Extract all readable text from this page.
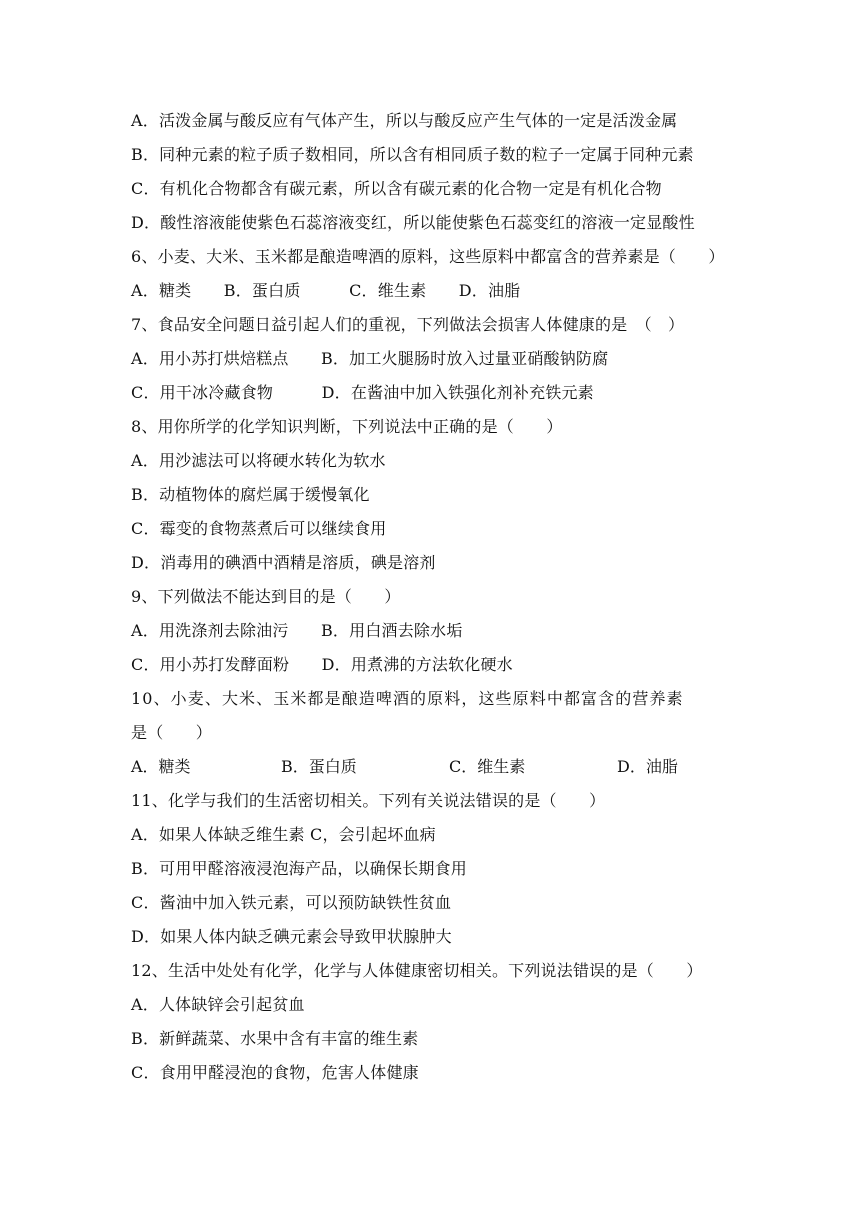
A．活泼金属与酸反应有气体产生，所以与酸反应产生气体的一定是活泼金属
B．同种元素的粒子质子数相同，所以含有相同质子数的粒子一定属于同种元素
C．有机化合物都含有碳元素，所以含有碳元素的化合物一定是有机化合物
D．酸性溶液能使紫色石蕊溶液变红，所以能使紫色石蕊变红的溶液一定显酸性
6、小麦、大米、玉米都是酿造啤酒的原料，这些原料中都富含的营养素是（　　）
A．糖类　　B．蛋白质　　　C．维生素　　D．油脂
7、食品安全问题日益引起人们的重视，下列做法会损害人体健康的是　（　）
A．用小苏打烘焙糕点　　B．加工火腿肠时放入过量亚硝酸钠防腐
C．用干冰冷藏食物　　　D．在酱油中加入铁强化剂补充铁元素
8、用你所学的化学知识判断，下列说法中正确的是（　　）
A．用沙滤法可以将硬水转化为软水
B．动植物体的腐烂属于缓慢氧化
C．霉变的食物蒸煮后可以继续食用
D．消毒用的碘酒中酒精是溶质，碘是溶剂
9、下列做法不能达到目的是（　　）
A．用洗涤剂去除油污　　B．用白酒去除水垢
C．用小苏打发酵面粉　　D．用煮沸的方法软化硬水
10、小麦、大米、玉米都是酿造啤酒的原料，这些原料中都富含的营养素
是（　　）
A．糖类	B．蛋白质	C．维生素	D．油脂
11、化学与我们的生活密切相关。下列有关说法错误的是（　　）
A．如果人体缺乏维生素 C，会引起坏血病
B．可用甲醛溶液浸泡海产品，以确保长期食用
C．酱油中加入铁元素，可以预防缺铁性贫血
D．如果人体内缺乏碘元素会导致甲状腺肿大
12、生活中处处有化学，化学与人体健康密切相关。下列说法错误的是（　　）
A．人体缺锌会引起贫血
B．新鲜蔬菜、水果中含有丰富的维生素
C．食用甲醛浸泡的食物，危害人体健康
